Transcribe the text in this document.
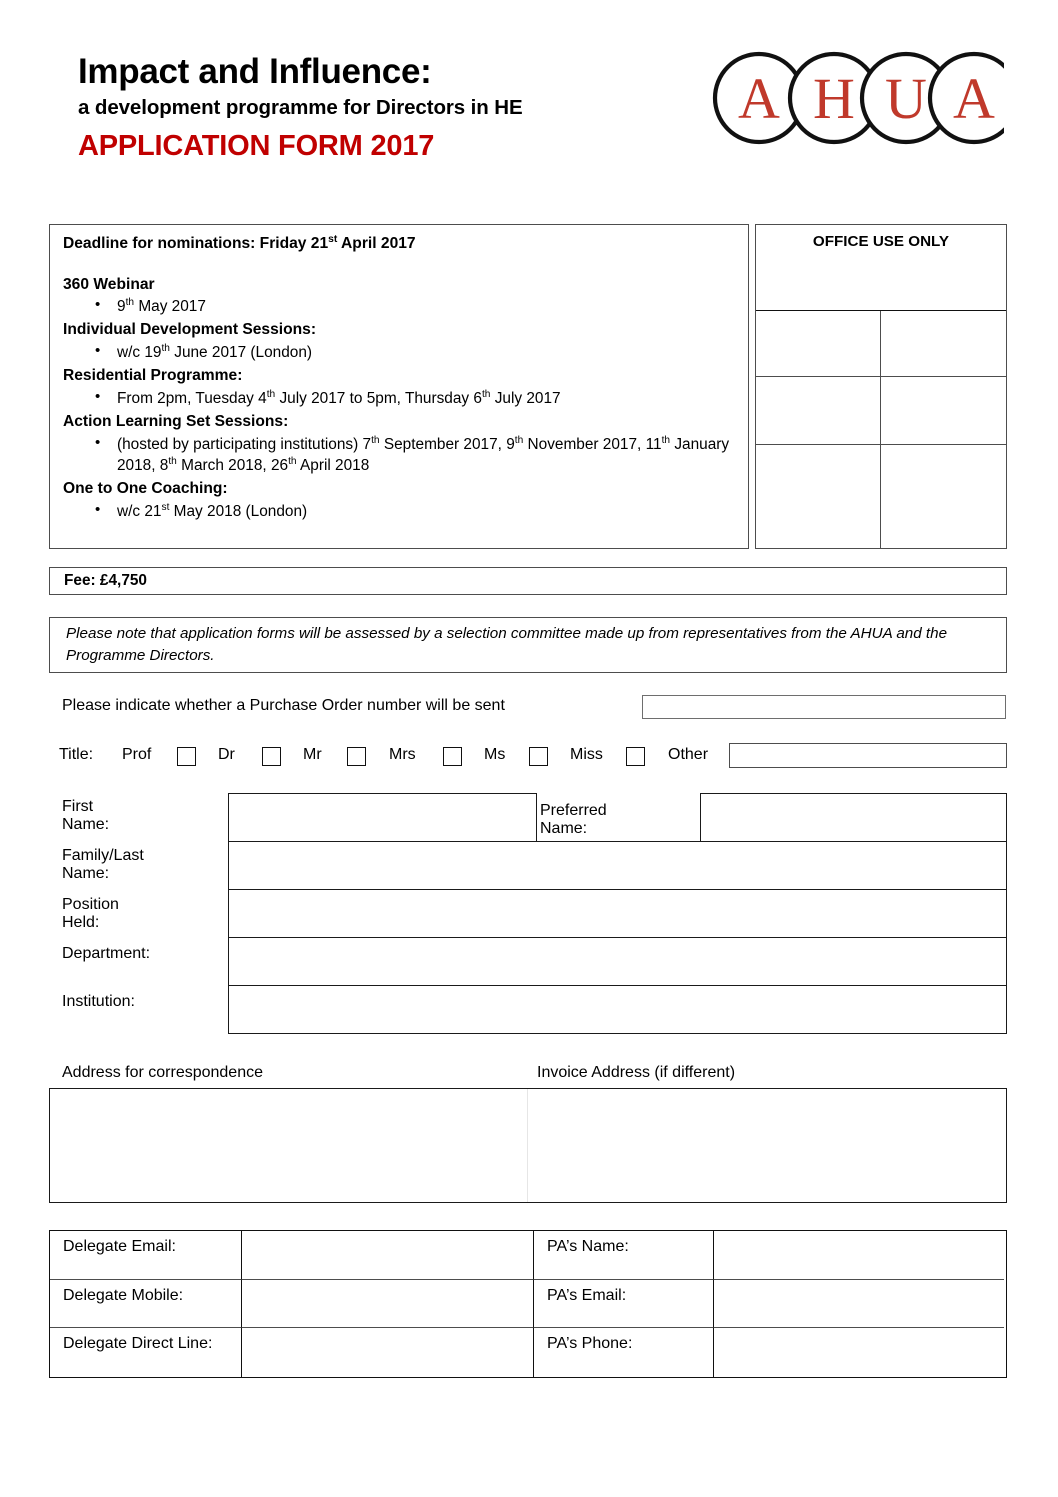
Impact and Influence:
a development programme for Directors in HE
APPLICATION FORM 2017
A H U A
Deadline for nominations: Friday 21st April 2017
360 Webinar
• 9th May 2017
Individual Development Sessions:
• w/c 19th June 2017 (London)
Residential Programme:
• From 2pm, Tuesday 4th July 2017 to 5pm, Thursday 6th July 2017
Action Learning Set Sessions:
• (hosted by participating institutions) 7th September 2017, 9th November 2017, 11th January 2018, 8th March 2018, 26th April 2018
One to One Coaching:
• w/c 21st May 2018 (London)
OFFICE USE ONLY
Fee: £4,750
Please note that application forms will be assessed by a selection committee made up from representatives from the AHUA and the Programme Directors.
Please indicate whether a Purchase Order number will be sent
Title: Prof	Dr	Mr	Mrs	Ms	Miss	Other
First Name:
Preferred Name:
Family/Last Name:
Position Held:
Department:
Institution:
Address for correspondence	Invoice Address (if different)
Delegate Email:	PA’s Name:
Delegate Mobile:	PA’s Email:
Delegate Direct Line:	PA’s Phone:
